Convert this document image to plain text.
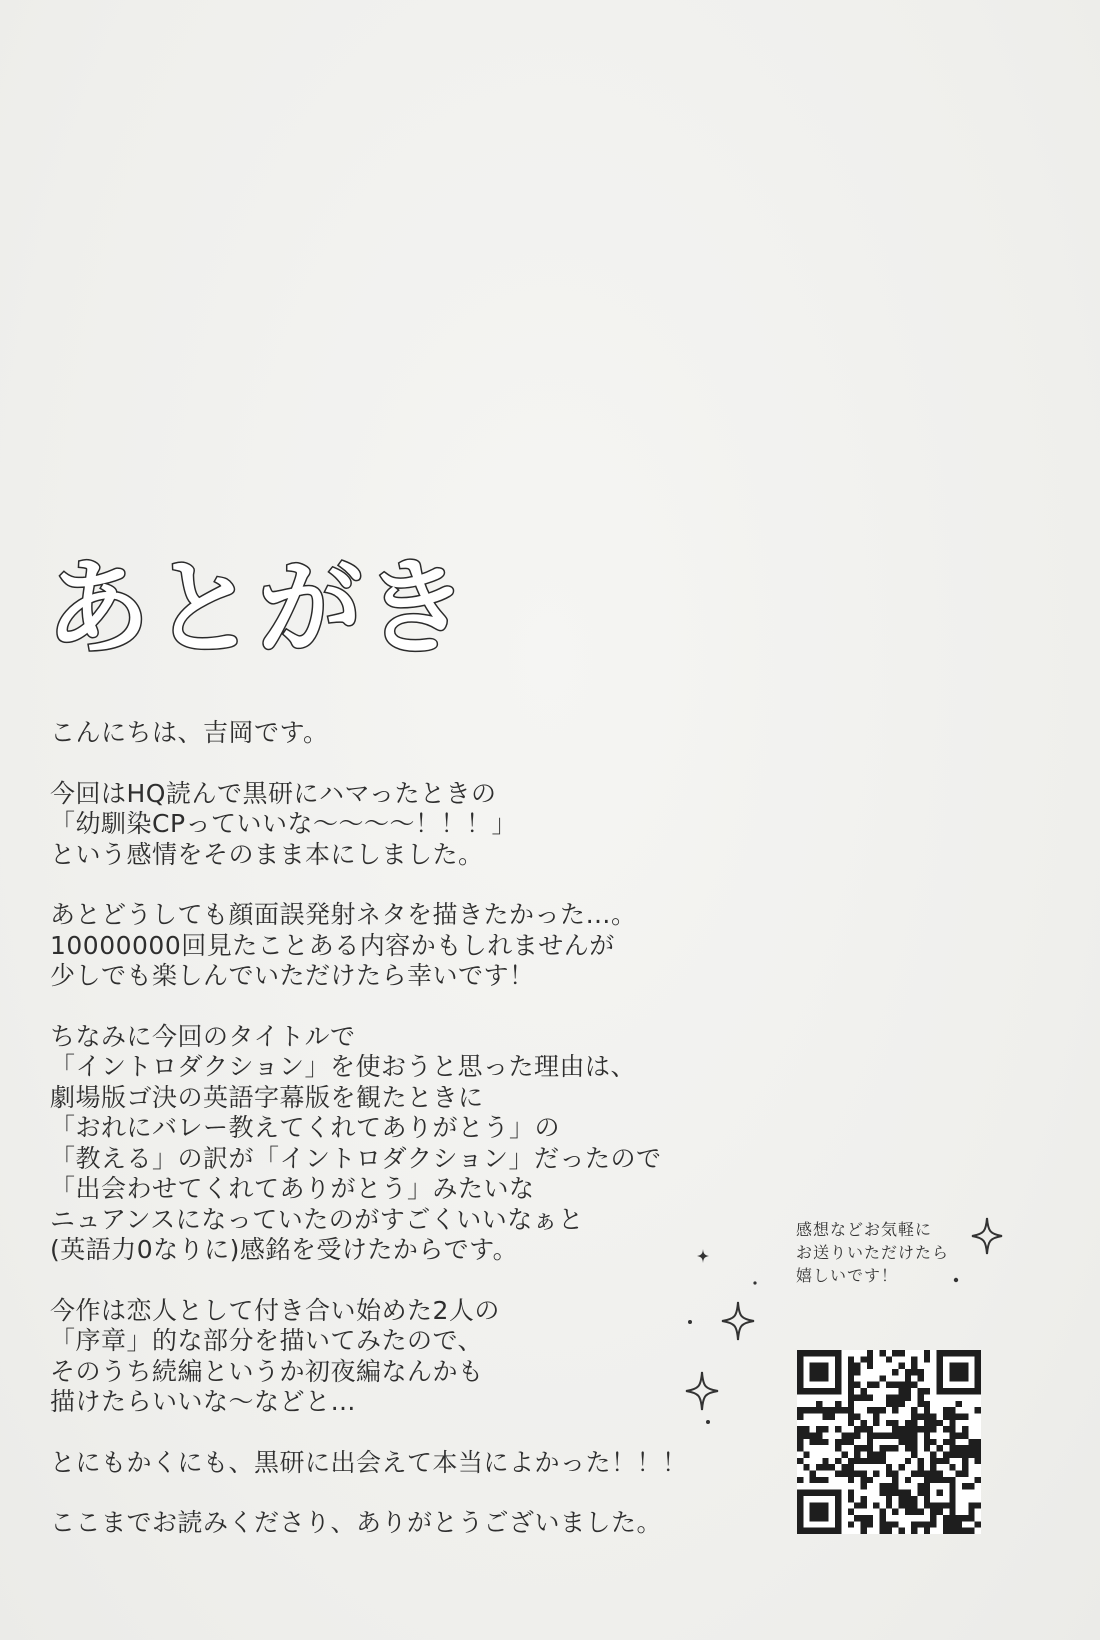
あとがき

こんにちは、吉岡です。

今回はHQ読んで黒研にハマったときの
「幼馴染CPっていいな〜〜〜〜！！！」
という感情をそのまま本にしました。

あとどうしても顔面誤発射ネタを描きたかった…。
10000000回見たことある内容かもしれませんが
少しでも楽しんでいただけたら幸いです！

ちなみに今回のタイトルで
「イントロダクション」を使おうと思った理由は、
劇場版ゴ決の英語字幕版を観たときに
「おれにバレー教えてくれてありがとう」の
「教える」の訳が「イントロダクション」だったので
「出会わせてくれてありがとう」みたいな
ニュアンスになっていたのがすごくいいなぁと
(英語力0なりに)感銘を受けたからです。

今作は恋人として付き合い始めた2人の
「序章」的な部分を描いてみたので、
そのうち続編というか初夜編なんかも
描けたらいいな〜などと…

とにもかくにも、黒研に出会えて本当によかった！！！

ここまでお読みくださり、ありがとうございました。

感想などお気軽に
お送りいただけたら
嬉しいです！
